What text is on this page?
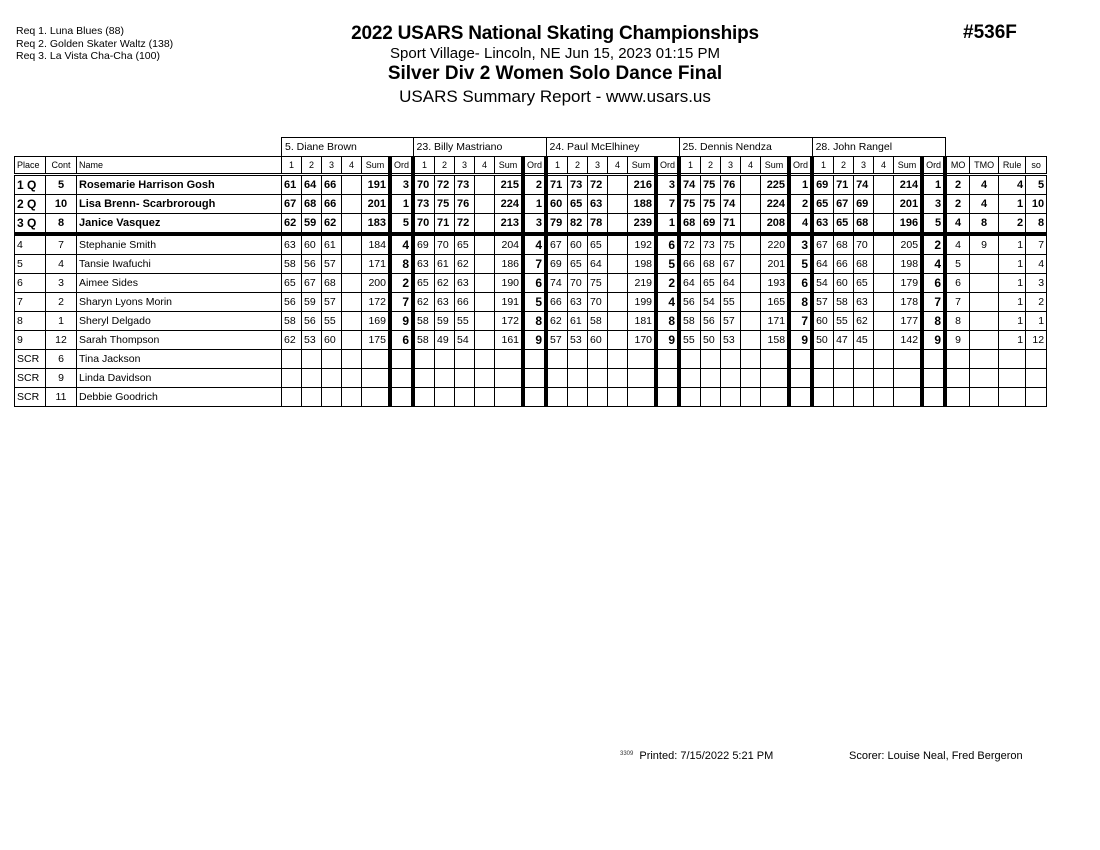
Req 1. Luna Blues (88)
Req 2. Golden Skater Waltz (138)
Req 3. La Vista Cha-Cha (100)
2022 USARS National Skating Championships
Sport Village- Lincoln, NE Jun 15, 2023 01:15 PM
Silver Div 2 Women Solo Dance Final
USARS Summary Report - www.usars.us
#536F
			5. Diane Brown						23. Billy Mastriano						24. Paul McElhiney						25. Dennis Nendza						28. John Rangel									
Place	Cont	Name	1	2	3	4	Sum	Ord	1	2	3	4	Sum	Ord	1	2	3	4	Sum	Ord	1	2	3	4	Sum	Ord	1	2	3	4	Sum	Ord	MO	TMO	Rule	so
1 Q	5	Rosemarie Harrison Gosh	61	64	66		191	3	70	72	73		215	2	71	73	72		216	3	74	75	76		225	1	69	71	74		214	1	2	4	4	5
2 Q	10	Lisa Brenn- Scarbrorough	67	68	66		201	1	73	75	76		224	1	60	65	63		188	7	75	75	74		224	2	65	67	69		201	3	2	4	1	10
3 Q	8	Janice Vasquez	62	59	62		183	5	70	71	72		213	3	79	82	78		239	1	68	69	71		208	4	63	65	68		196	5	4	8	2	8
4	7	Stephanie Smith	63	60	61		184	4	69	70	65		204	4	67	60	65		192	6	72	73	75		220	3	67	68	70		205	2	4	9	1	7
5	4	Tansie Iwafuchi	58	56	57		171	8	63	61	62		186	7	69	65	64		198	5	66	68	67		201	5	64	66	68		198	4	5		1	4
6	3	Aimee Sides	65	67	68		200	2	65	62	63		190	6	74	70	75		219	2	64	65	64		193	6	54	60	65		179	6	6		1	3
7	2	Sharyn Lyons Morin	56	59	57		172	7	62	63	66		191	5	66	63	70		199	4	56	54	55		165	8	57	58	63		178	7	7		1	2
8	1	Sheryl Delgado	58	56	55		169	9	58	59	55		172	8	62	61	58		181	8	58	56	57		171	7	60	55	62		177	8	8		1	1
9	12	Sarah Thompson	62	53	60		175	6	58	49	54		161	9	57	53	60		170	9	55	50	53		158	9	50	47	45		142	9	9		1	12
SCR	6	Tina Jackson																																		
SCR	9	Linda Davidson																																		
SCR	11	Debbie Goodrich																																		
$^{3309}$ Printed: 7/15/2022 5:21 PM	Scorer: Louise Neal, Fred Bergeron
